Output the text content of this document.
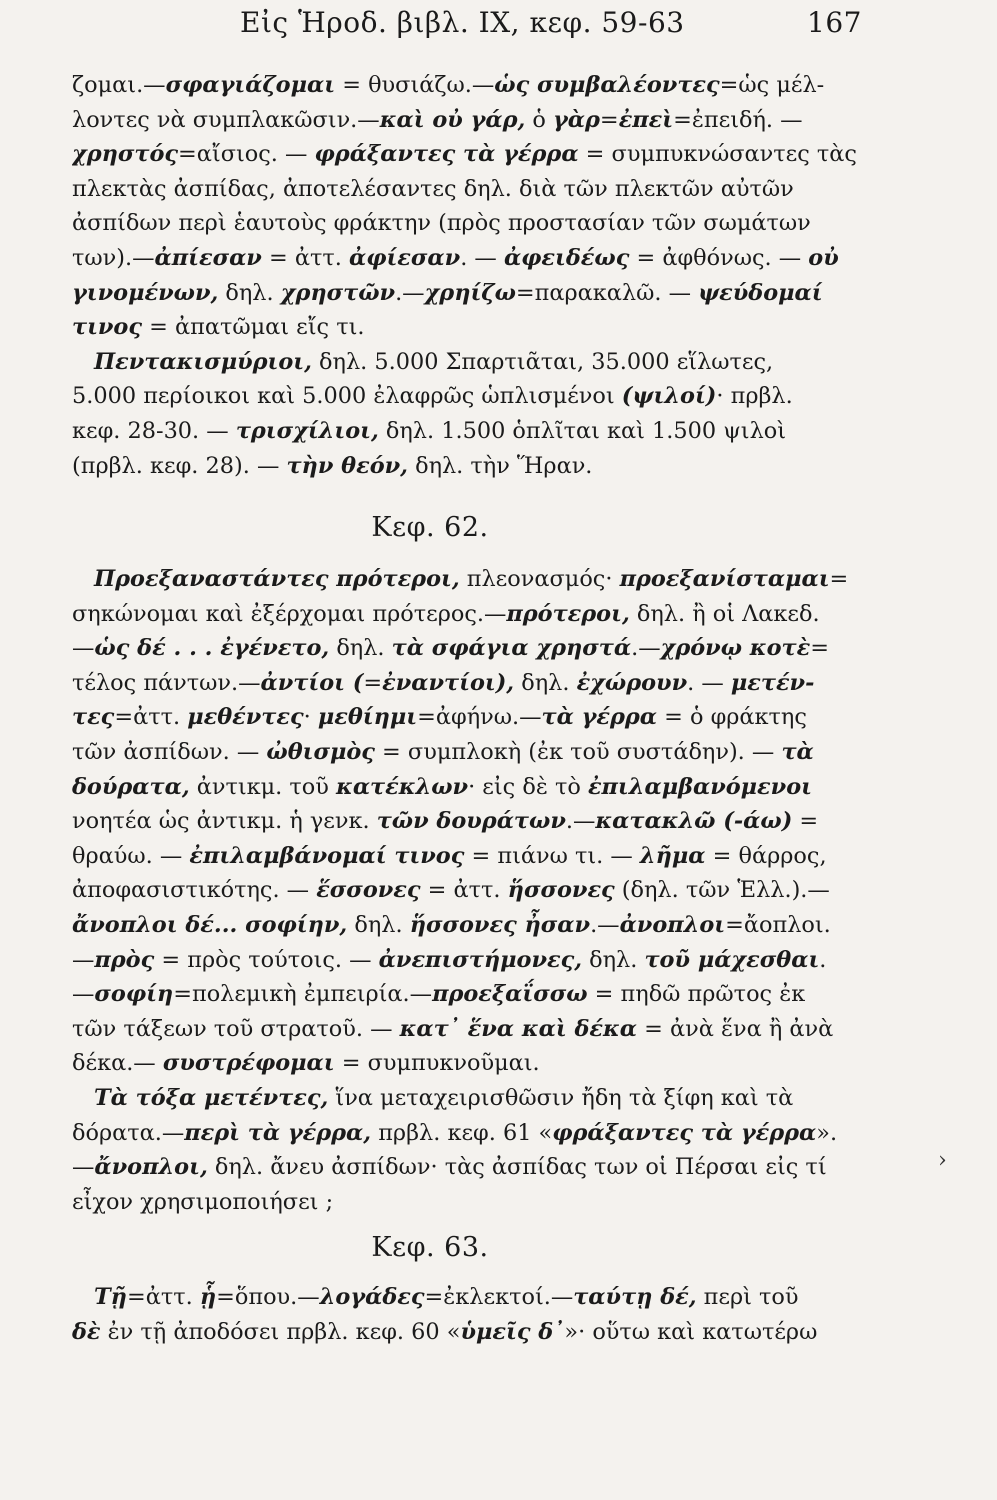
Εἰς Ἡροδ. βιβλ. ΙΧ, κεφ. 59-63	167
ζομαι.—σφαγιάζομαι = θυσιάζω.—ὡς συμβαλέοντες=ὡς μέλ-
λοντες νὰ συμπλακῶσιν.—καὶ οὐ γάρ, ὁ γὰρ=ἐπεὶ=ἐπειδή. —
χρηστός=αἴσιος. — φράξαντες τὰ γέρρα = συμπυκνώσαντες τὰς
πλεκτὰς ἀσπίδας, ἀποτελέσαντες δηλ. διὰ τῶν πλεκτῶν αὐτῶν
ἀσπίδων περὶ ἑαυτοὺς φράκτην (πρὸς προστασίαν τῶν σωμάτων
των).—ἀπίεσαν = ἀττ. ἀφίεσαν. — ἀφειδέως = ἀφθόνως. — οὐ
γινομένων, δηλ. χρηστῶν.—χρηίζω=παρακαλῶ. — ψεύδομαί
τινος = ἀπατῶμαι εἴς τι.
Πεντακισμύριοι, δηλ. 5.000 Σπαρτιᾶται, 35.000 εἵλωτες,
5.000 περίοικοι καὶ 5.000 ἐλαφρῶς ὡπλισμένοι (ψιλοί)· πρβλ.
κεφ. 28-30. — τρισχίλιοι, δηλ. 1.500 ὁπλῖται καὶ 1.500 ψιλοὶ
(πρβλ. κεφ. 28). — τὴν θεόν, δηλ. τὴν Ἥραν.
Κεφ. 62.
Προεξαναστάντες πρότεροι, πλεονασμός· προεξανίσταμαι=
σηκώνομαι καὶ ἐξέρχομαι πρότερος.—πρότεροι, δηλ. ἢ οἱ Λακεδ.
—ὡς δέ . . . ἐγένετο, δηλ. τὰ σφάγια χρηστά.—χρόνῳ κοτὲ=
τέλος πάντων.—ἀντίοι (=ἐναντίοι), δηλ. ἐχώρουν. — μετέν-
τες=ἀττ. μεθέντες· μεθίημι=ἀφήνω.—τὰ γέρρα = ὁ φράκτης
τῶν ἀσπίδων. — ὠθισμὸς = συμπλοκὴ (ἐκ τοῦ συστάδην). — τὰ
δούρατα, ἀντικμ. τοῦ κατέκλων· εἰς δὲ τὸ ἐπιλαμβανόμενοι
νοητέα ὡς ἀντικμ. ἡ γενκ. τῶν δουράτων.—κατακλῶ (-άω) =
θραύω. — ἐπιλαμβάνομαί τινος = πιάνω τι. — λῆμα = θάρρος,
ἀποφασιστικότης. — ἕσσονες = ἀττ. ἥσσονες (δηλ. τῶν Ἑλλ.).—
ἄνοπλοι δέ... σοφίην, δηλ. ἥσσονες ἦσαν.—ἀνοπλοι=ἄοπλοι.
—πρὸς = πρὸς τούτοις. — ἀνεπιστήμονες, δηλ. τοῦ μάχεσθαι.
—σοφίη=πολεμικὴ ἐμπειρία.—προεξαΐσσω = πηδῶ πρῶτος ἐκ
τῶν τάξεων τοῦ στρατοῦ. — κατ᾽ ἕνα καὶ δέκα = ἀνὰ ἕνα ἢ ἀνὰ
δέκα.— συστρέφομαι = συμπυκνοῦμαι.
Τὰ τόξα μετέντες, ἵνα μεταχειρισθῶσιν ἤδη τὰ ξίφη καὶ τὰ
δόρατα.—περὶ τὰ γέρρα, πρβλ. κεφ. 61 «φράξαντες τὰ γέρρα».
—ἄνοπλοι, δηλ. ἄνευ ἀσπίδων· τὰς ἀσπίδας των οἱ Πέρσαι εἰς τί
εἶχον χρησιμοποιήσει ;
Κεφ. 63.
Τῇ=ἀττ. ᾗ=ὅπου.—λογάδες=ἐκλεκτοί.—ταύτῃ δέ, περὶ τοῦ
δὲ ἐν τῇ ἀποδόσει πρβλ. κεφ. 60 «ὑμεῖς δ᾽»· οὕτω καὶ κατωτέρω
›
